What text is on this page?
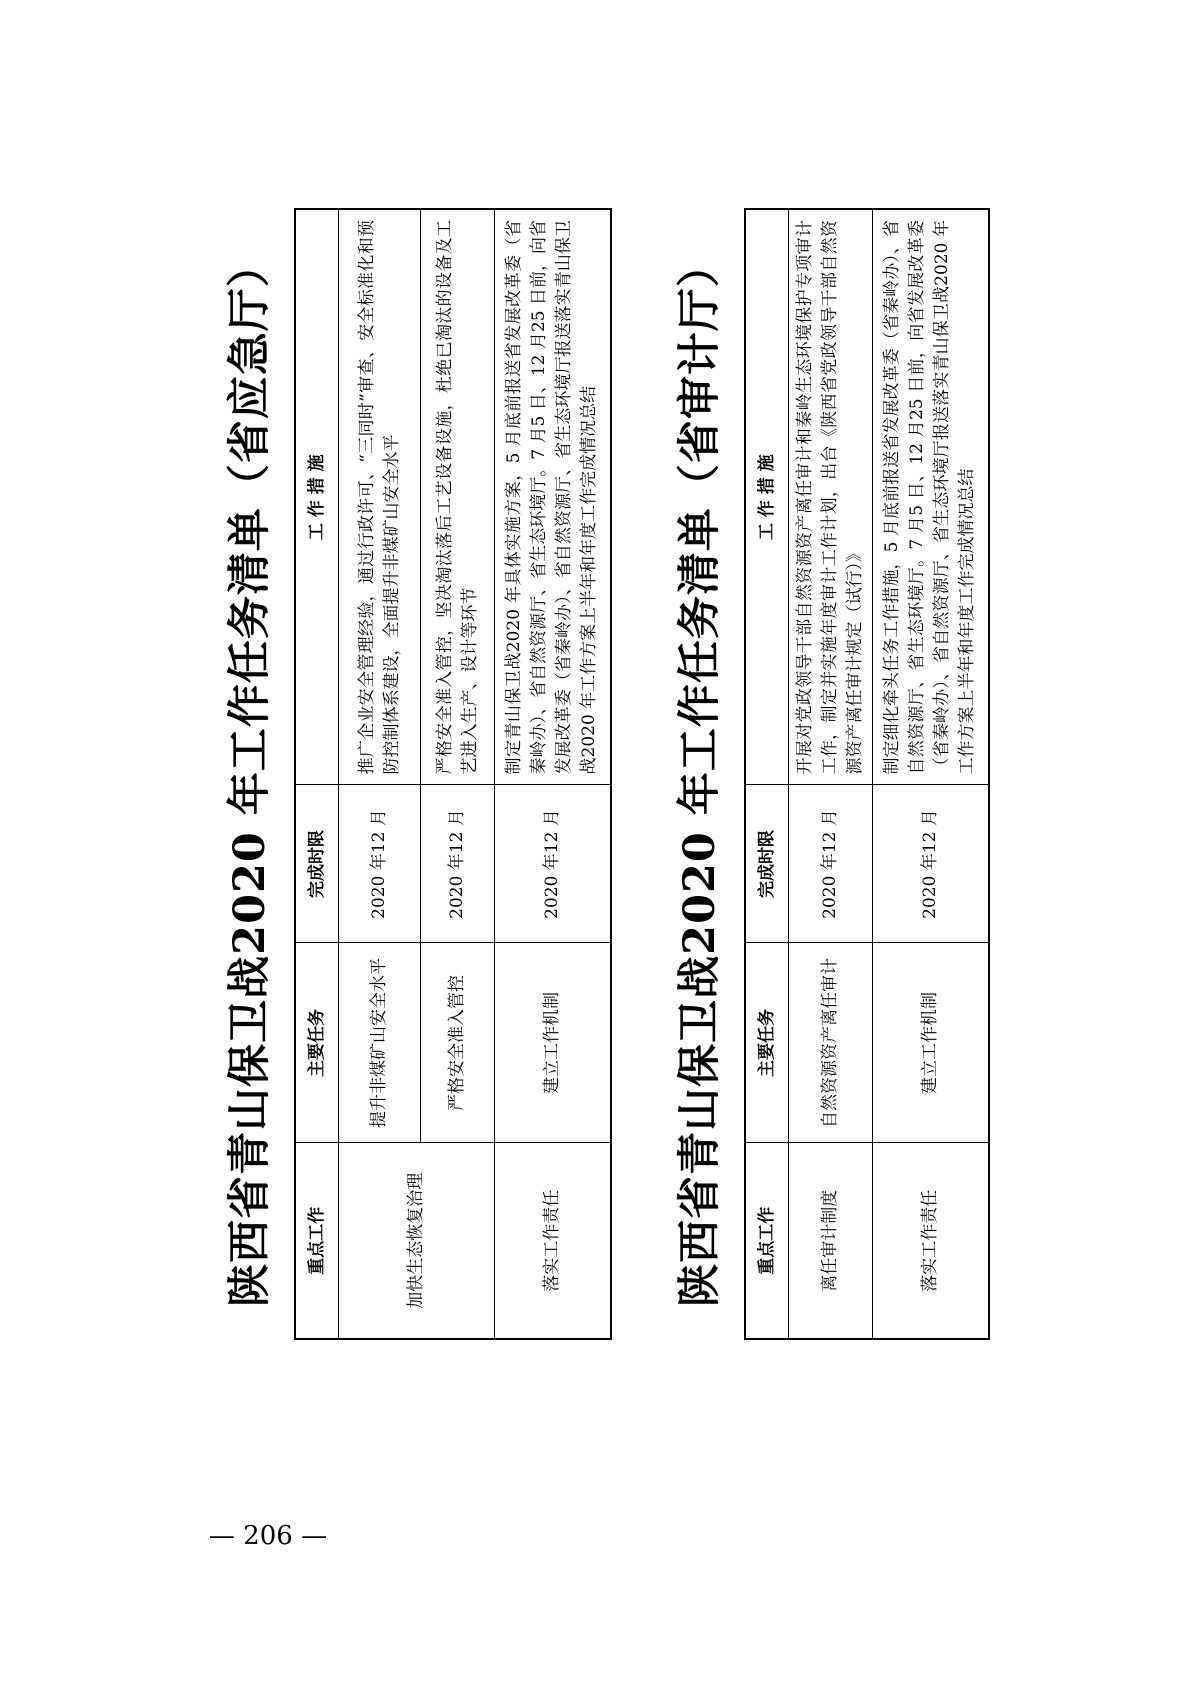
陕西省青山保卫战2020 年工作任务清单（省应急厅） 重点工作	主要任务	完成时限	工 作 措 施
加快生态恢复治理	提升非煤矿山安全水平	2020 年12 月	推广企业安全管理经验，通过行政许可、“三同时”审查、安全标准化和预防控制体系建设，全面提升非煤矿山安全水平
	严格安全准入管控	2020 年12 月	严格安全准入管控，坚决淘汰落后工艺设备设施，杜绝已淘汰的设备及工艺进入生产、设计等环节
落实工作责任	建立工作机制	2020 年12 月	制定青山保卫战2020 年具体实施方案，5 月底前报送省发展改革委（省秦岭办）、省自然资源厅、省生态环境厅。7 月5 日、12 月25 日前，向省发展改革委（省秦岭办）、省自然资源厅、省生态环境厅报送落实青山保卫战2020 年工作方案上半年和年度工作完成情况总结 陕西省青山保卫战2020 年工作任务清单（省审计厅） 重点工作	主要任务	完成时限	工 作 措 施
离任审计制度	自然资源资产离任审计	2020 年12 月	开展对党政领导干部自然资源资产离任审计和秦岭生态环境保护专项审计工作，制定并实施年度审计工作计划，出台《陕西省党政领导干部自然资源资产离任审计规定（试行）》
落实工作责任	建立工作机制	2020 年12 月	制定细化牵头任务工作措施，5 月底前报送省发展改革委（省秦岭办）、省自然资源厅、省生态环境厅。7 月5 日、12 月25 日前，向省发展改革委（省秦岭办）、省自然资源厅、省生态环境厅报送落实青山保卫战2020 年工作方案上半年和年度工作完成情况总结
— 206 —
